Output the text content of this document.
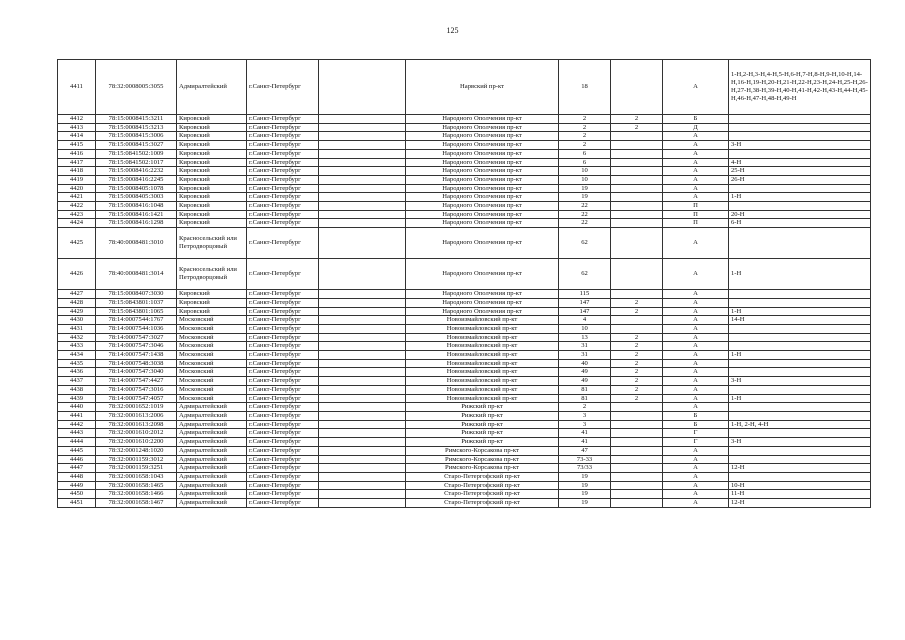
125
4411	78:32:0008005:3055	Адмиралтейский	г.Санкт-Петербург		Нарвский пр-кт	18		А	1-Н,2-Н,3-Н,4-Н,5-Н,6-Н,7-Н,8-Н,9-Н,10-Н,14-Н,16-Н,19-Н,20-Н,21-Н,22-Н,23-Н,24-Н,25-Н,26-Н,27-Н,38-Н,39-Н,40-Н,41-Н,42-Н,43-Н,44-Н,45-Н,46-Н,47-Н,48-Н,49-Н
4412	78:15:0008415:3211	Кировский	г.Санкт-Петербург		Народного Ополчения пр-кт	2	2	Б	
4413	78:15:0008415:3213	Кировский	г.Санкт-Петербург		Народного Ополчения пр-кт	2	2	Д	
4414	78:15:0008415:3006	Кировский	г.Санкт-Петербург		Народного Ополчения пр-кт	2		А	
4415	78:15:0008415:3027	Кировский	г.Санкт-Петербург		Народного Ополчения пр-кт	2		А	3-Н
4416	78:15:0841502:1009	Кировский	г.Санкт-Петербург		Народного Ополчения пр-кт	6		А	
4417	78:15:0841502:1017	Кировский	г.Санкт-Петербург		Народного Ополчения пр-кт	6		А	4-Н
4418	78:15:0008416:2232	Кировский	г.Санкт-Петербург		Народного Ополчения пр-кт	10		А	25-Н
4419	78:15:0008416:2245	Кировский	г.Санкт-Петербург		Народного Ополчения пр-кт	10		А	26-Н
4420	78:15:0008405:1078	Кировский	г.Санкт-Петербург		Народного Ополчения пр-кт	19		А	
4421	78:15:0008405:3003	Кировский	г.Санкт-Петербург		Народного Ополчения пр-кт	19		А	1-Н
4422	78:15:0008416:1048	Кировский	г.Санкт-Петербург		Народного Ополчения пр-кт	22		П	
4423	78:15:0008416:1421	Кировский	г.Санкт-Петербург		Народного Ополчения пр-кт	22		П	20-Н
4424	78:15:0008416:1298	Кировский	г.Санкт-Петербург		Народного Ополчения пр-кт	22		П	6-Н
4425	78:40:0008481:3010	Красносельский или Петродворцовый	г.Санкт-Петербург		Народного Ополчения пр-кт	62		А	
4426	78:40:0008481:3014	Красносельский или Петродворцовый	г.Санкт-Петербург		Народного Ополчения пр-кт	62		А	1-Н
4427	78:15:0008407:3030	Кировский	г.Санкт-Петербург		Народного Ополчения пр-кт	115		А	
4428	78:15:0843801:1037	Кировский	г.Санкт-Петербург		Народного Ополчения пр-кт	147	2	А	
4429	78:15:0843801:1065	Кировский	г.Санкт-Петербург		Народного Ополчения пр-кт	147	2	А	1-Н
4430	78:14:0007544:1767	Московский	г.Санкт-Петербург		Новоизмайловский пр-кт	4		А	14-Н
4431	78:14:0007544:1036	Московский	г.Санкт-Петербург		Новоизмайловский пр-кт	10		А	
4432	78:14:0007547:3027	Московский	г.Санкт-Петербург		Новоизмайловский пр-кт	13	2	А	
4433	78:14:0007547:3046	Московский	г.Санкт-Петербург		Новоизмайловский пр-кт	31	2	А	
4434	78:14:0007547:1438	Московский	г.Санкт-Петербург		Новоизмайловский пр-кт	31	2	А	1-Н
4435	78:14:0007548:3038	Московский	г.Санкт-Петербург		Новоизмайловский пр-кт	40	2	А	
4436	78:14:0007547:3040	Московский	г.Санкт-Петербург		Новоизмайловский пр-кт	49	2	А	
4437	78:14:0007547:4427	Московский	г.Санкт-Петербург		Новоизмайловский пр-кт	49	2	А	3-Н
4438	78:14:0007547:3016	Московский	г.Санкт-Петербург		Новоизмайловский пр-кт	81	2	А	
4439	78:14:0007547:4057	Московский	г.Санкт-Петербург		Новоизмайловский пр-кт	81	2	А	1-Н
4440	78:32:0001652:1019	Адмиралтейский	г.Санкт-Петербург		Рижский пр-кт	2		А	
4441	78:32:0001613:2006	Адмиралтейский	г.Санкт-Петербург		Рижский пр-кт	3		Б	
4442	78:32:0001613:2098	Адмиралтейский	г.Санкт-Петербург		Рижский пр-кт	3		Б	1-Н, 2-Н, 4-Н
4443	78:32:0001610:2012	Адмиралтейский	г.Санкт-Петербург		Рижский пр-кт	41		Г	
4444	78:32:0001610:2200	Адмиралтейский	г.Санкт-Петербург		Рижский пр-кт	41		Г	3-Н
4445	78:32:0001248:1020	Адмиралтейский	г.Санкт-Петербург		Римского-Корсакова пр-кт	47		А	
4446	78:32:0001159:3012	Адмиралтейский	г.Санкт-Петербург		Римского-Корсакова пр-кт	73-33		А	
4447	78:32:0001159:3251	Адмиралтейский	г.Санкт-Петербург		Римского-Корсакова пр-кт	73/33		А	12-Н
4448	78:32:0001658:1043	Адмиралтейский	г.Санкт-Петербург		Старо-Петергофский пр-кт	19		А	
4449	78:32:0001658:1465	Адмиралтейский	г.Санкт-Петербург		Старо-Петергофский пр-кт	19		А	10-Н
4450	78:32:0001658:1466	Адмиралтейский	г.Санкт-Петербург		Старо-Петергофский пр-кт	19		А	11-Н
4451	78:32:0001658:1467	Адмиралтейский	г.Санкт-Петербург		Старо-Петергофский пр-кт	19		А	12-Н
